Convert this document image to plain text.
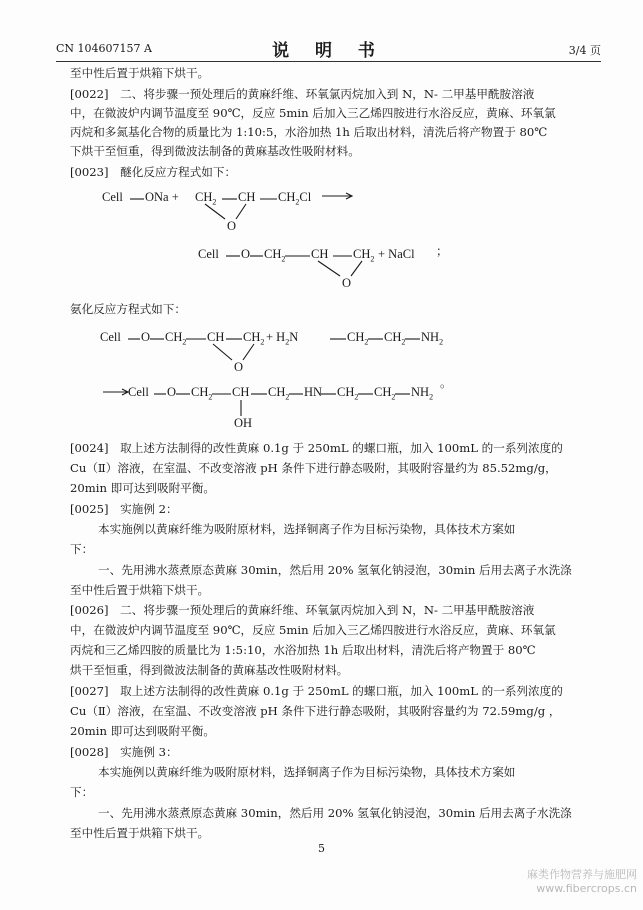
CN 104607157 A	说 明 书	3/4 页
至中性后置于烘箱下烘干。
[0022]　二、将步骤一预处理后的黄麻纤维、环氧氯丙烷加入到 N，N- 二甲基甲酰胺溶液
中，在微波炉内调节温度至 90℃，反应 5min 后加入三乙烯四胺进行水浴反应，黄麻、环氧氯
丙烷和多氮基化合物的质量比为 1:10:5，水浴加热 1h 后取出材料，清洗后将产物置于 80℃
下烘干至恒重，得到微波法制备的黄麻基改性吸附材料。
[0023]　醚化反应方程式如下：
Cell ONa + $CH_2$ CH $CH_2Cl$
O
Cell O $CH_2$ CH $CH_2$ + NaCl
O
；
氨化反应方程式如下：
Cell O $CH_2$ CH $CH_2 + H_2N$	$CH_2$ $CH_2$ $NH_2$
O
Cell O $CH_2$ CH $CH_2$ HN $CH_2$ $CH_2$ $NH_2$
OH
。
[0024]　取上述方法制得的改性黄麻 0.1g 于 250mL 的螺口瓶，加入 100mL 的一系列浓度的
Cu（Ⅱ）溶液，在室温、不改变溶液 pH 条件下进行静态吸附，其吸附容量约为 85.52mg/g，
20min 即可达到吸附平衡。
[0025]　实施例 2：
本实施例以黄麻纤维为吸附原材料，选择铜离子作为目标污染物，具体技术方案如
下：
一、先用沸水蒸煮原态黄麻 30min，然后用 20% 氢氧化钠浸泡，30min 后用去离子水洗涤
至中性后置于烘箱下烘干。
[0026]　二、将步骤一预处理后的黄麻纤维、环氧氯丙烷加入到 N，N- 二甲基甲酰胺溶液
中，在微波炉内调节温度至 90℃，反应 5min 后加入三乙烯四胺进行水浴反应，黄麻、环氧氯
丙烷和三乙烯四胺的质量比为 1:5:10，水浴加热 1h 后取出材料，清洗后将产物置于 80℃
烘干至恒重，得到微波法制备的黄麻基改性吸附材料。
[0027]　取上述方法制得的改性黄麻 0.1g 于 250mL 的螺口瓶，加入 100mL 的一系列浓度的
Cu（Ⅱ）溶液，在室温、不改变溶液 pH 条件下进行静态吸附，其吸附容量约为 72.59mg/g ，
20min 即可达到吸附平衡。
[0028]　实施例 3：
本实施例以黄麻纤维为吸附原材料，选择铜离子作为目标污染物，具体技术方案如
下：
一、先用沸水蒸煮原态黄麻 30min，然后用 20% 氢氧化钠浸泡，30min 后用去离子水洗涤
至中性后置于烘箱下烘干。
5
麻类作物营养与施肥网
www.fibercrops.cn
